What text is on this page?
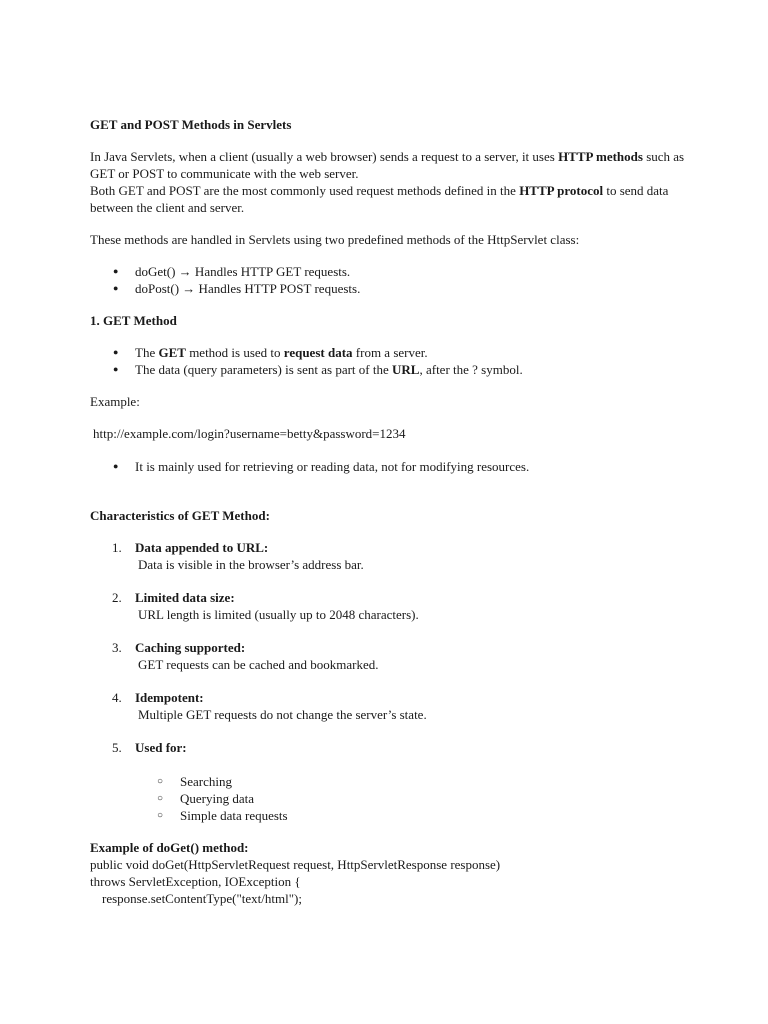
GET and POST Methods in Servlets

In Java Servlets, when a client (usually a web browser) sends a request to a server, it uses HTTP methods such as GET or POST to communicate with the web server.

Both GET and POST are the most commonly used request methods defined in the HTTP protocol to send data between the client and server.

These methods are handled in Servlets using two predefined methods of the HttpServlet class:

● doGet() → Handles HTTP GET requests.
● doPost() → Handles HTTP POST requests.

1. GET Method

● The GET method is used to request data from a server.
● The data (query parameters) is sent as part of the URL, after the ? symbol.

Example:

http://example.com/login?username=betty&password=1234

● It is mainly used for retrieving or reading data, not for modifying resources.

Characteristics of GET Method:

1. Data appended to URL:
Data is visible in the browser’s address bar.
2. Limited data size:
URL length is limited (usually up to 2048 characters).
3. Caching supported:
GET requests can be cached and bookmarked.
4. Idempotent:
Multiple GET requests do not change the server’s state.
5. Used for:
○ Searching
○ Querying data
○ Simple data requests

Example of doGet() method:

public void doGet(HttpServletRequest request, HttpServletResponse response)
throws ServletException, IOException {
response.setContentType("text/html");
